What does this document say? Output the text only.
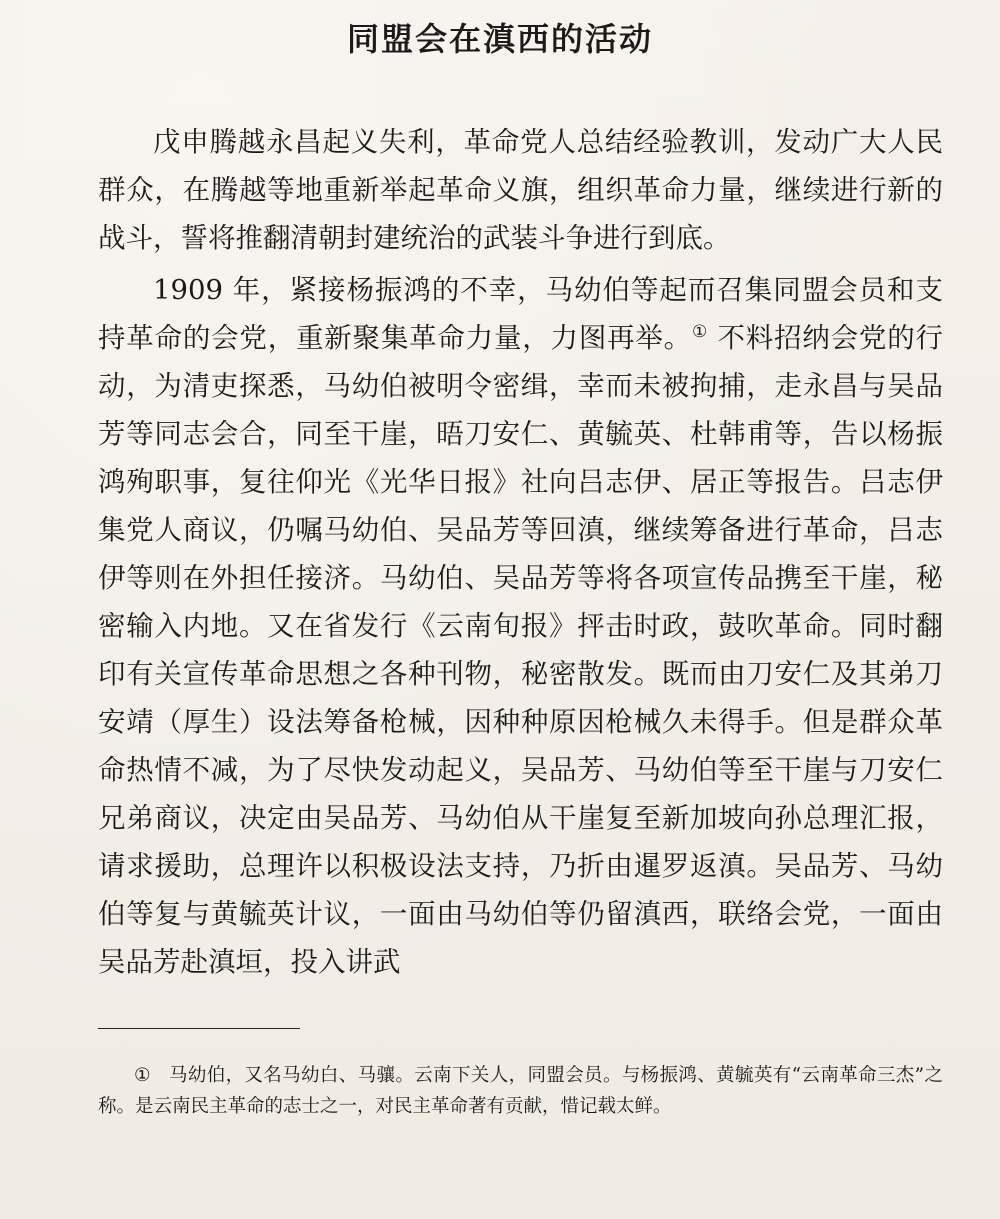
同盟会在滇西的活动

戊申腾越永昌起义失利，革命党人总结经验教训，发动广大人民群众，在腾越等地重新举起革命义旗，组织革命力量，继续进行新的战斗，誓将推翻清朝封建统治的武装斗争进行到底。

1909 年，紧接杨振鸿的不幸，马幼伯等起而召集同盟会员和支持革命的会党，重新聚集革命力量，力图再举。① 不料招纳会党的行动，为清吏探悉，马幼伯被明令密缉，幸而未被拘捕，走永昌与吴品芳等同志会合，同至干崖，晤刀安仁、黄毓英、杜韩甫等，告以杨振鸿殉职事，复往仰光《光华日报》社向吕志伊、居正等报告。吕志伊集党人商议，仍嘱马幼伯、吴品芳等回滇，继续筹备进行革命，吕志伊等则在外担任接济。马幼伯、吴品芳等将各项宣传品携至干崖，秘密输入内地。又在省发行《云南旬报》抨击时政，鼓吹革命。同时翻印有关宣传革命思想之各种刊物，秘密散发。既而由刀安仁及其弟刀安靖（厚生）设法筹备枪械，因种种原因枪械久未得手。但是群众革命热情不减，为了尽快发动起义，吴品芳、马幼伯等至干崖与刀安仁兄弟商议，决定由吴品芳、马幼伯从干崖复至新加坡向孙总理汇报，请求援助，总理许以积极设法支持，乃折由暹罗返滇。吴品芳、马幼伯等复与黄毓英计议，一面由马幼伯等仍留滇西，联络会党，一面由吴品芳赴滇垣，投入讲武

① 马幼伯，又名马幼白、马骧。云南下关人，同盟会员。与杨振鸿、黄毓英有“云南革命三杰”之称。是云南民主革命的志士之一，对民主革命著有贡献，惜记载太鲜。
